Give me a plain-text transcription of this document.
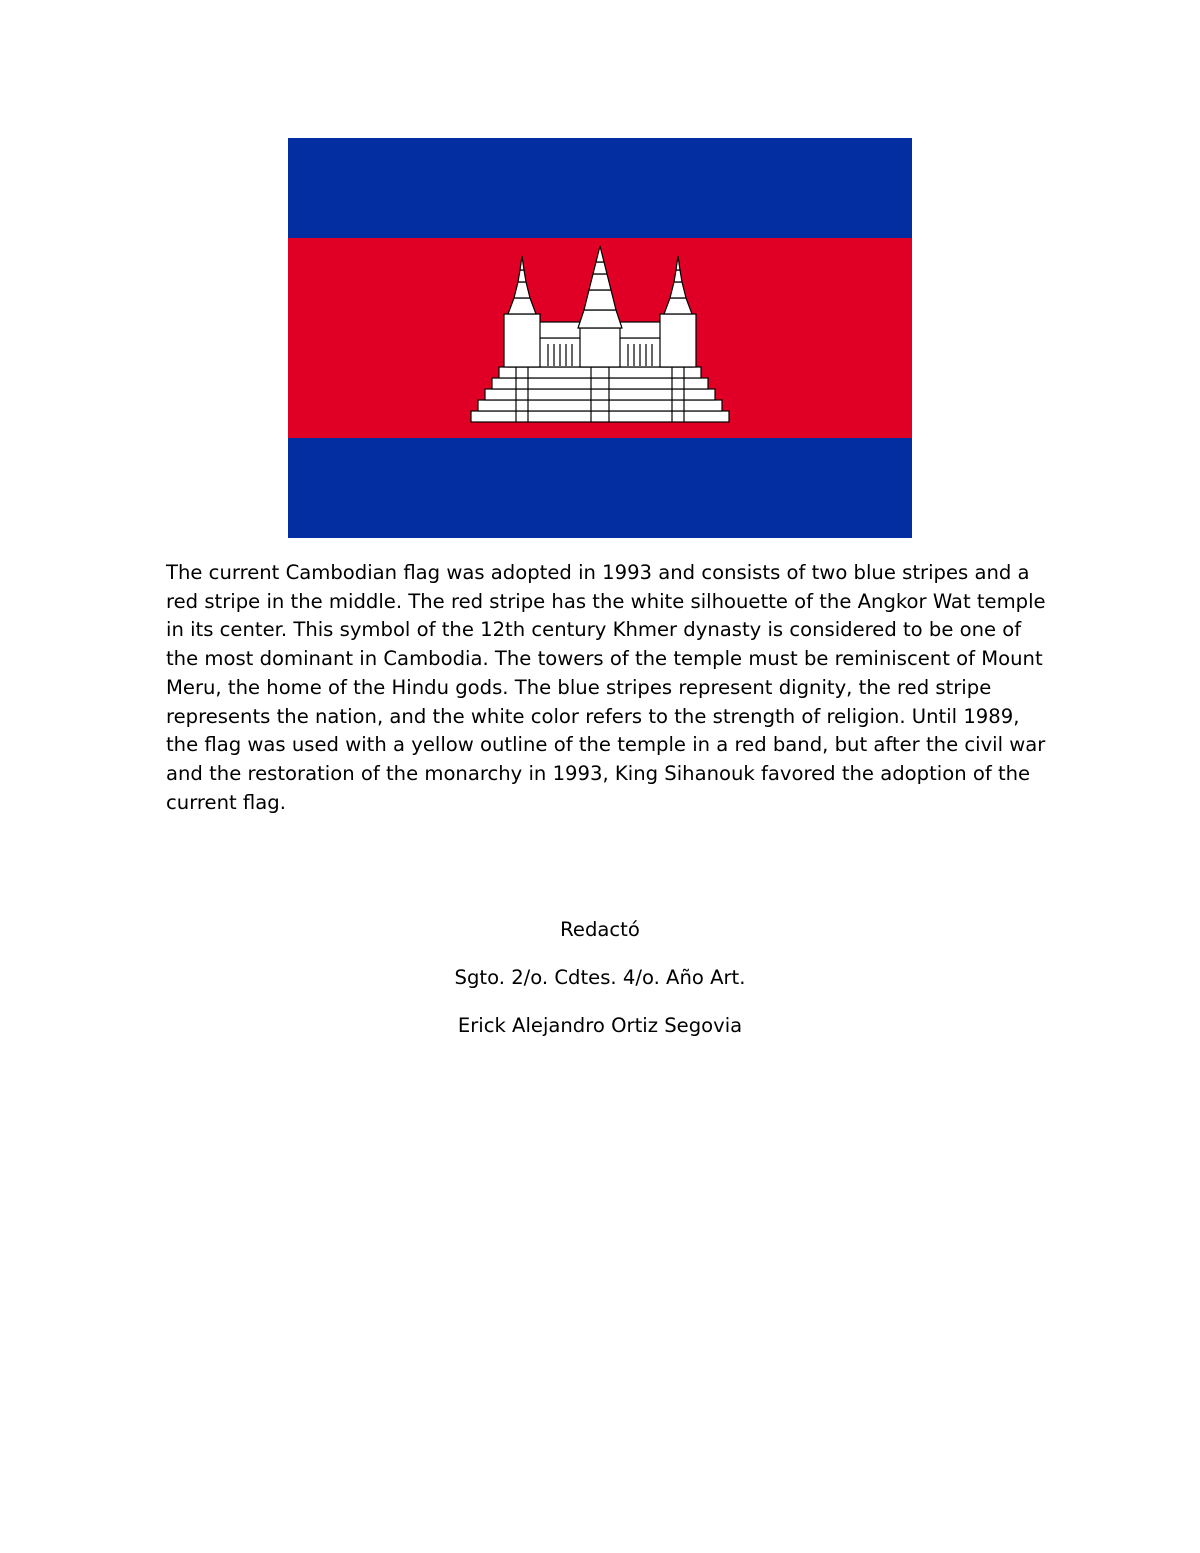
The current Cambodian flag was adopted in 1993 and consists of two blue stripes and a red stripe in the middle. The red stripe has the white silhouette of the Angkor Wat temple in its center. This symbol of the 12th century Khmer dynasty is considered to be one of the most dominant in Cambodia. The towers of the temple must be reminiscent of Mount Meru, the home of the Hindu gods. The blue stripes represent dignity, the red stripe represents the nation, and the white color refers to the strength of religion. Until 1989, the flag was used with a yellow outline of the temple in a red band, but after the civil war and the restoration of the monarchy in 1993, King Sihanouk favored the adoption of the current flag.

Redactó

Sgto. 2/o. Cdtes. 4/o. Año Art.

Erick Alejandro Ortiz Segovia
